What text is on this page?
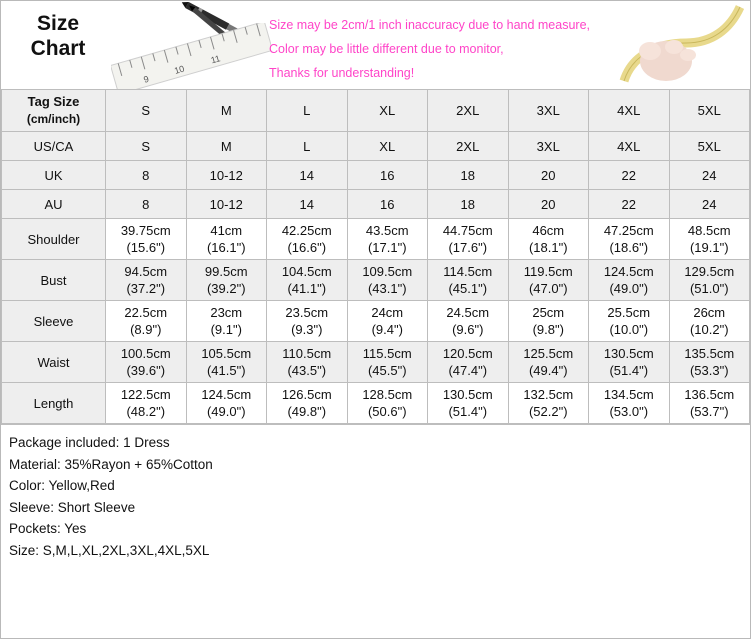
Size Chart
9
10
11
Size may be 2cm/1 inch inaccuracy due to hand measure,
Color may be little different due to monitor,
Thanks for understanding!
Tag Size
(cm/inch)	S	M	L	XL	2XL	3XL	4XL	5XL
US/CA	S	M	L	XL	2XL	3XL	4XL	5XL
UK	8	10-12	14	16	18	20	22	24
AU	8	10-12	14	16	18	20	22	24
Shoulder	39.75cm
(15.6")	41cm
(16.1")	42.25cm
(16.6")	43.5cm
(17.1")	44.75cm
(17.6")	46cm
(18.1")	47.25cm
(18.6")	48.5cm
(19.1")

Bust	94.5cm
(37.2")	99.5cm
(39.2")	104.5cm
(41.1")	109.5cm
(43.1")	114.5cm
(45.1")	119.5cm
(47.0")	124.5cm
(49.0")	129.5cm
(51.0")

Sleeve	22.5cm
(8.9")	23cm
(9.1")	23.5cm
(9.3")	24cm
(9.4")	24.5cm
(9.6")	25cm
(9.8")	25.5cm
(10.0")	26cm
(10.2")

Waist	100.5cm
(39.6")	105.5cm
(41.5")	110.5cm
(43.5")	115.5cm
(45.5")	120.5cm
(47.4")	125.5cm
(49.4")	130.5cm
(51.4")	135.5cm
(53.3")

Length	122.5cm
(48.2")	124.5cm
(49.0")	126.5cm
(49.8")	128.5cm
(50.6")	130.5cm
(51.4")	132.5cm
(52.2")	134.5cm
(53.0")	136.5cm
(53.7")
Package included: 1 Dress
Material: 35%Rayon + 65%Cotton
Color: Yellow,Red
Sleeve: Short Sleeve
Pockets: Yes
Size: S,M,L,XL,2XL,3XL,4XL,5XL
